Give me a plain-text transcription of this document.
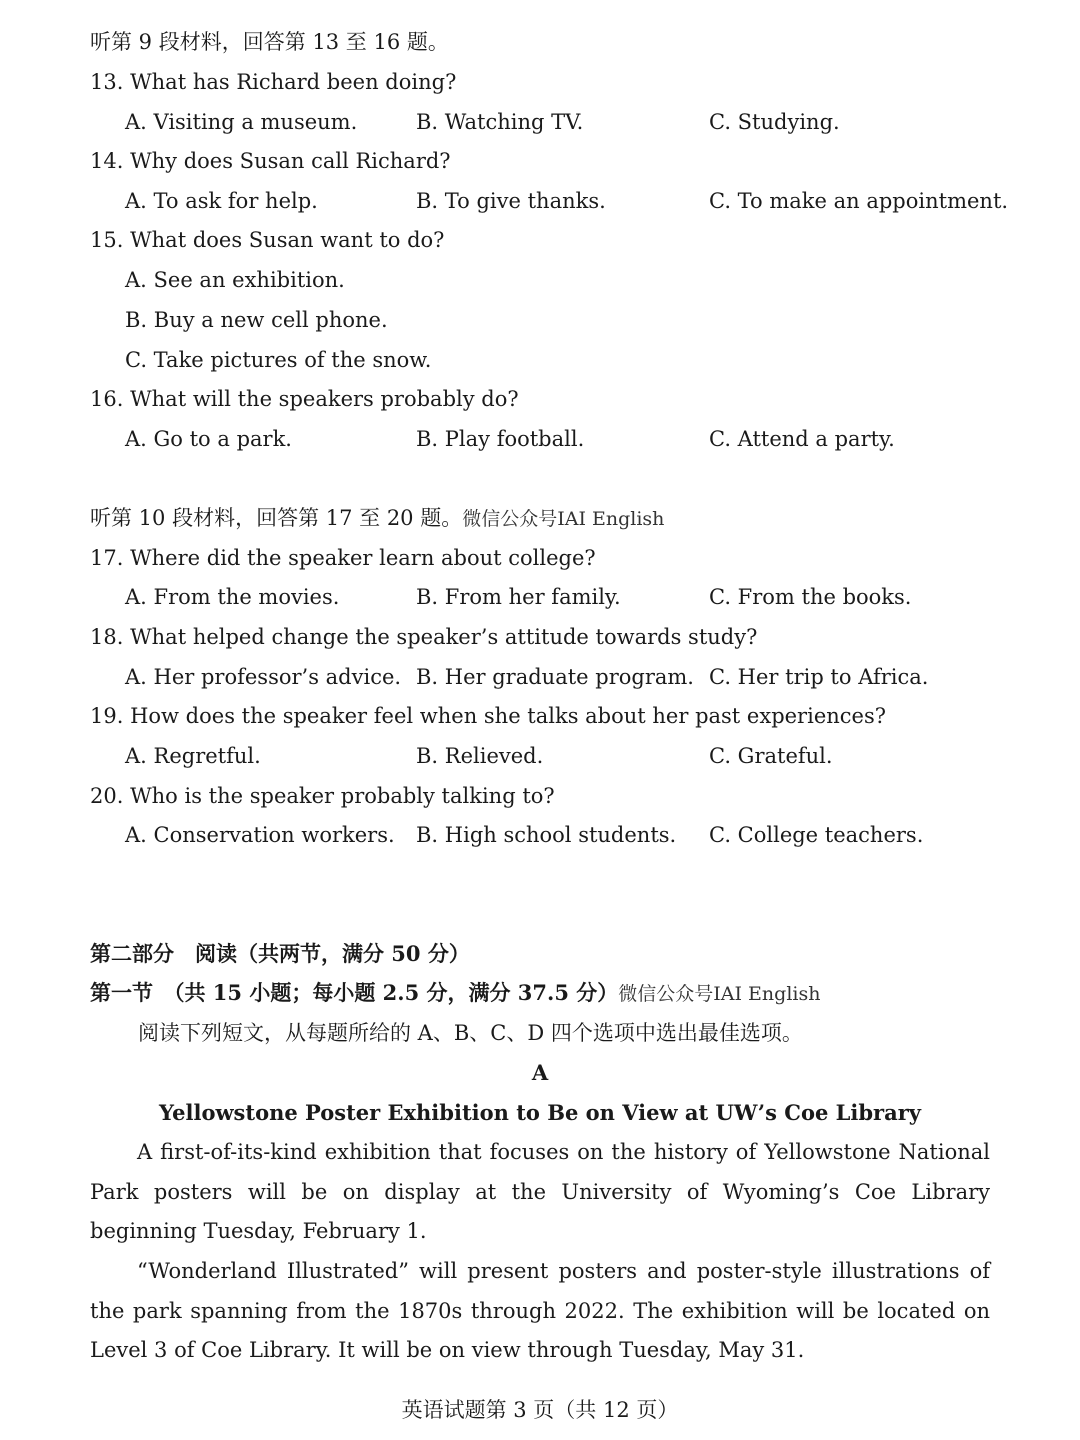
听第 9 段材料，回答第 13 至 16 题。
13. What has Richard been doing?
A. Visiting a museum.	B. Watching TV.	C. Studying.
14. Why does Susan call Richard?
A. To ask for help.	B. To give thanks.	C. To make an appointment.
15. What does Susan want to do?
A. See an exhibition.
B. Buy a new cell phone.
C. Take pictures of the snow.
16. What will the speakers probably do?
A. Go to a park.	B. Play football.	C. Attend a party.
听第 10 段材料，回答第 17 至 20 题。微信公众号IAI English
17. Where did the speaker learn about college?
A. From the movies.	B. From her family.	C. From the books.
18. What helped change the speaker’s attitude towards study?
A. Her professor’s advice. B. Her graduate program. C. Her trip to Africa.
19. How does the speaker feel when she talks about her past experiences?
A. Regretful.	B. Relieved.	C. Grateful.
20. Who is the speaker probably talking to?
A. Conservation workers. B. High school students. C. College teachers.
第二部分　阅读（共两节，满分 50 分）
第一节　（共 15 小题；每小题 2.5 分，满分 37.5 分）微信公众号IAI English
阅读下列短文，从每题所给的 A、B、C、D 四个选项中选出最佳选项。
A
Yellowstone Poster Exhibition to Be on View at UW’s Coe Library
A first-of-its-kind exhibition that focuses on the history of Yellowstone National Park posters will be on display at the University of Wyoming’s Coe Library beginning Tuesday, February 1.
“Wonderland Illustrated” will present posters and poster-style illustrations of the park spanning from the 1870s through 2022. The exhibition will be located on Level 3 of Coe Library. It will be on view through Tuesday, May 31.
英语试题第 3 页（共 12 页）
